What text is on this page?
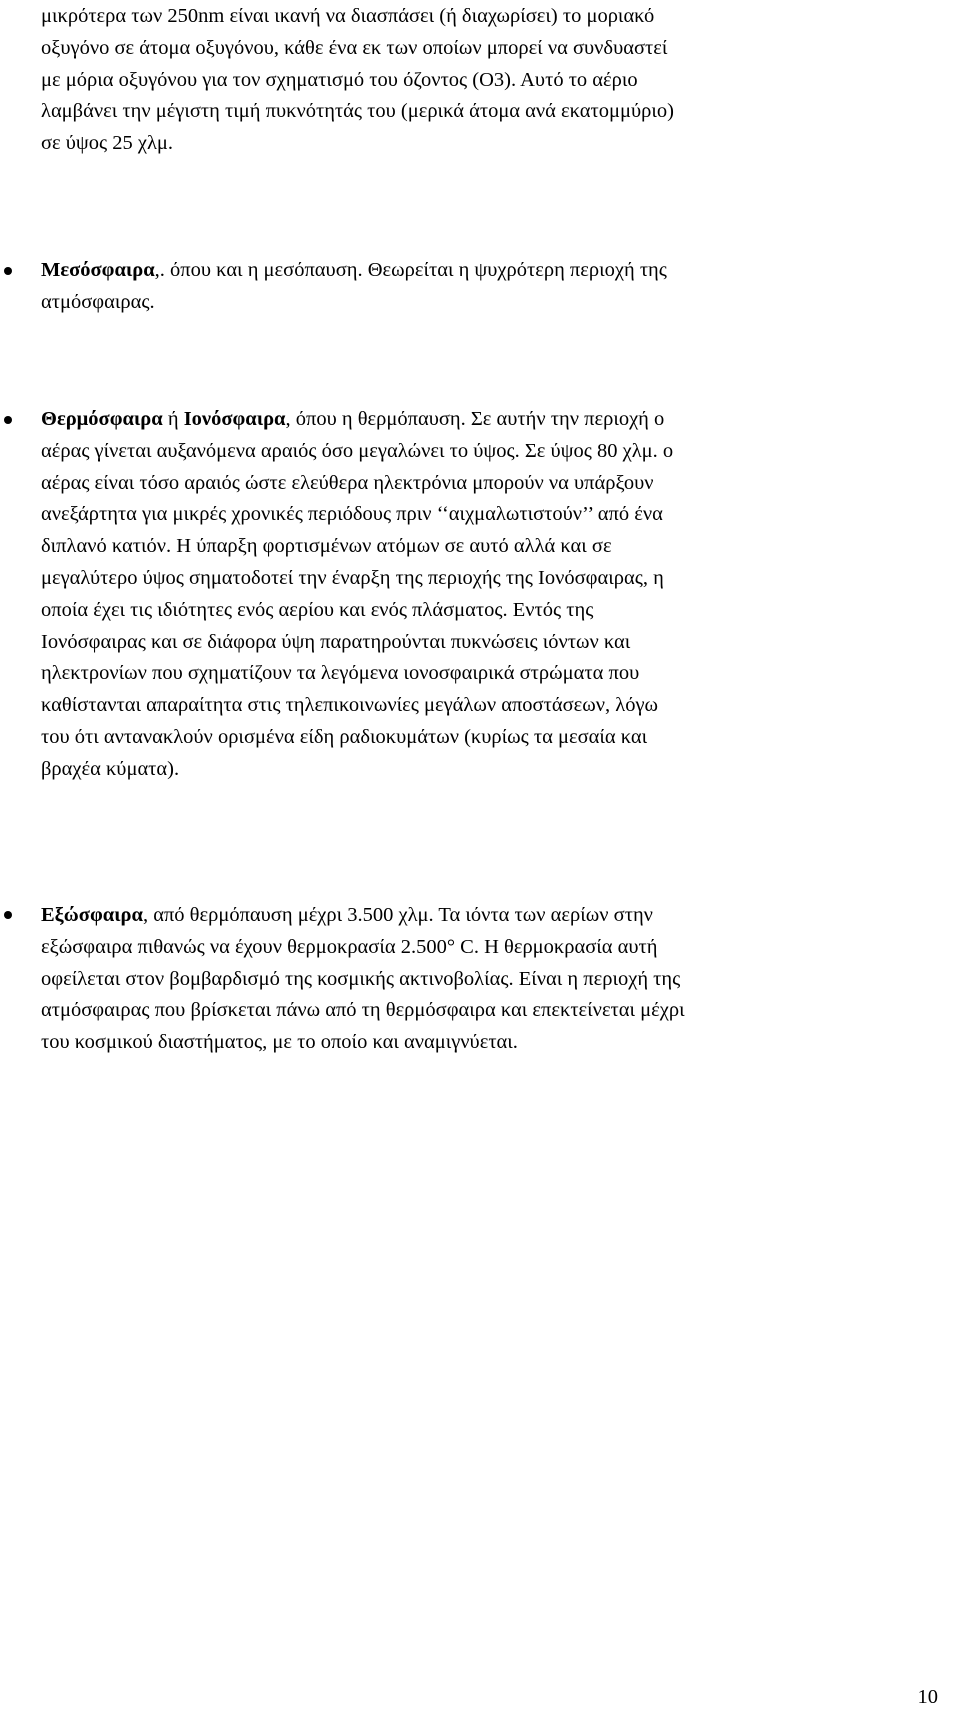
μικρότερα των 250nm είναι ικανή να διασπάσει (ή διαχωρίσει) το μοριακό
οξυγόνο σε άτομα οξυγόνου, κάθε ένα εκ των οποίων μπορεί να συνδυαστεί
με μόρια οξυγόνου για τον σχηματισμό του όζοντος (O3). Αυτό το αέριο
λαμβάνει την μέγιστη τιμή πυκνότητάς του (μερικά άτομα ανά εκατομμύριο)
σε ύψος 25 χλμ.

Μεσόσφαιρα,. όπου και η μεσόπαυση. Θεωρείται η ψυχρότερη περιοχή της
ατμόσφαιρας.

Θερμόσφαιρα ή Ιονόσφαιρα, όπου η θερμόπαυση. Σε αυτήν την περιοχή ο
αέρας γίνεται αυξανόμενα αραιός όσο μεγαλώνει το ύψος. Σε ύψος 80 χλμ. ο
αέρας είναι τόσο αραιός ώστε ελεύθερα ηλεκτρόνια μπορούν να υπάρξουν
ανεξάρτητα για μικρές χρονικές περιόδους πριν ‘‘αιχμαλωτιστούν’’ από ένα
διπλανό κατιόν. Η ύπαρξη φορτισμένων ατόμων σε αυτό αλλά και σε
μεγαλύτερο ύψος σηματοδοτεί την έναρξη της περιοχής της Ιονόσφαιρας, η
οποία έχει τις ιδιότητες ενός αερίου και ενός πλάσματος. Εντός της
Ιονόσφαιρας και σε διάφορα ύψη παρατηρούνται πυκνώσεις ιόντων και
ηλεκτρονίων που σχηματίζουν τα λεγόμενα ιονοσφαιρικά στρώματα που
καθίστανται απαραίτητα στις τηλεπικοινωνίες μεγάλων αποστάσεων, λόγω
του ότι αντανακλούν ορισμένα είδη ραδιοκυμάτων (κυρίως τα μεσαία και
βραχέα κύματα).

Εξώσφαιρα, από θερμόπαυση μέχρι 3.500 χλμ. Τα ιόντα των αερίων στην
εξώσφαιρα πιθανώς να έχουν θερμοκρασία 2.500° C. Η θερμοκρασία αυτή
οφείλεται στον βομβαρδισμό της κοσμικής ακτινοβολίας. Είναι η περιοχή της
ατμόσφαιρας που βρίσκεται πάνω από τη θερμόσφαιρα και επεκτείνεται μέχρι
του κοσμικού διαστήματος, με το οποίο και αναμιγνύεται.

10
